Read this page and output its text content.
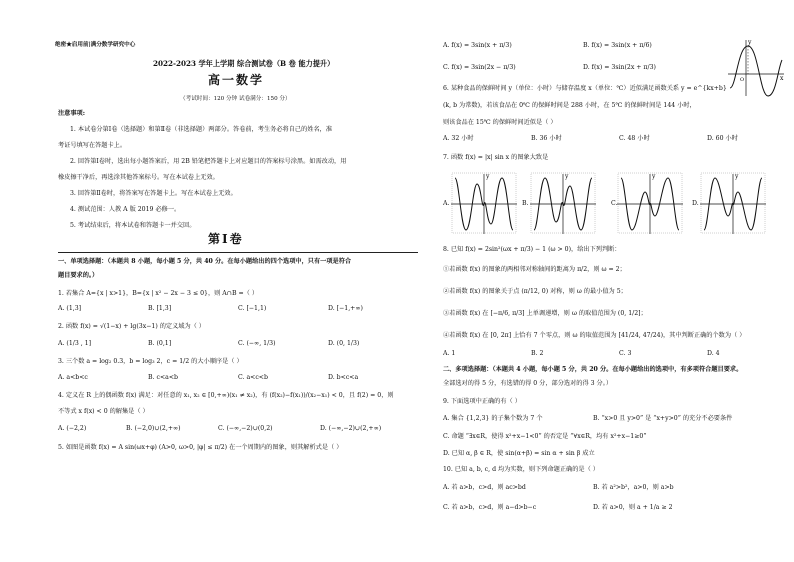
绝密★启用前|满分数学研究中心
2022-2023 学年上学期 综合测试卷（B 卷 能力提升）
高一数学
（考试时间：120 分钟 试卷满分：150 分）
注意事项:
1. 本试卷分第Ⅰ卷（选择题）和第Ⅱ卷（非选择题）两部分。答卷前，考生务必将自己的姓名，准
考证号填写在答题卡上。
2. 回答第Ⅰ卷时，选出每小题答案后，用 2B 铅笔把答题卡上对应题目的答案标号涂黑。如需改动，用
橡皮擦干净后，再选涂其他答案标号。写在本试卷上无效。
3. 回答第Ⅱ卷时，将答案写在答题卡上。写在本试卷上无效。
4. 测试范围：人教 A 版 2019 必修一。
5. 考试结束后，将本试卷和答题卡一并交回。
第Ⅰ卷
一、单项选择题：（本题共 8 小题，每小题 5 分，共 40 分。在每小题给出的四个选项中，只有一项是符合
题目要求的。）
1. 若集合 A={x | x>1}，B={x | x² − 2x − 3 ≤ 0}，则 A∩B =（ ）
A. (1,3]	B. [1,3]	C. [−1,1)	D. [−1,+∞)
2. 函数 f(x) = √(1−x) + lg(3x−1) 的定义域为（ ）
A. (1/3 , 1]	B. (0,1]	C. (−∞, 1/3)	D. (0, 1/3)
3. 三个数 a = log₂ 0.3，b = log₃ 2，c = 1/2 的大小顺序是（ ）
A. a<b<c	B. c<a<b	C. a<c<b	D. b<c<a
4. 定义在 R 上的偶函数 f(x) 满足：对任意的 x₁, x₂ ∈ [0,+∞)(x₁ ≠ x₂)，有 (f(x₂)−f(x₁))/(x₂−x₁) < 0，且 f(2) = 0，则
不等式 x f(x) < 0 的解集是（ ）
A. (−2,2)	B. (−2,0)∪(2,+∞)	C. (−∞,−2)∪(0,2)	D. (−∞,−2)∪(2,+∞)
5. 如图是函数 f(x) = A sin(ωx+φ) (A>0, ω>0, |φ| ≤ π/2) 在一个周期内的图象，则其解析式是（ ）
A. f(x) = 3sin(x + π/3)	B. f(x) = 3sin(x + π/6)
C. f(x) = 3sin(2x − π/3)	D. f(x) = 3sin(2x + π/3)
x
y
O
6. 某种食品的保鲜时间 y（单位：小时）与储存温度 x（单位：℃）近似满足函数关系 y = e^{kx+b}
(k, b 为常数)，若该食品在 0℃ 的保鲜时间是 288 小时，在 5℃ 的保鲜时间是 144 小时，
则该食品在 15℃ 的保鲜时间近似是（ ）
A. 32 小时	B. 36 小时	C. 48 小时	D. 60 小时
7. 函数 f(x) = |x| sin x 的图象大致是
A.	B.	C.	D.
y	y	y	y
8. 已知 f(x) = 2sin²(ωx + π/3) − 1 (ω > 0)，给出下列判断：
①若函数 f(x) 的图象的两相邻对称轴间的距离为 π/2，则 ω = 2；
②若函数 f(x) 的图象关于点 (π/12, 0) 对称，则 ω 的最小值为 5；
③若函数 f(x) 在 [−π/6, π/3] 上单调递增，则 ω 的取值范围为 (0, 1/2]；
④若函数 f(x) 在 [0, 2π] 上恰有 7 个零点，则 ω 的取值范围为 [41/24, 47/24)，其中判断正确的个数为（ ）
A. 1	B. 2	C. 3	D. 4
二、多项选择题：（本题共 4 小题，每小题 5 分，共 20 分。在每小题给出的选项中，有多项符合题目要求。
全部选对的得 5 分，有选错的得 0 分，部分选对的得 3 分。）
9. 下面选项中正确的有（ ）
A. 集合 {1,2,3} 的子集个数为 7 个	B. “x>0 且 y>0” 是 “x+y>0” 的充分不必要条件
C. 命题 “∃x∈R，使得 x²+x−1<0” 的否定是 “∀x∈R，均有 x²+x−1≥0”
D. 已知 α, β ∈ R，使 sin(α+β) = sin α + sin β 成立
10. 已知 a, b, c, d 均为实数，则下列命题正确的是（ ）
A. 若 a>b，c>d，则 ac>bd	B. 若 a²>b²，a>0，则 a>b
C. 若 a>b，c>d，则 a−d>b−c	D. 若 a>0，则 a + 1/a ≥ 2
